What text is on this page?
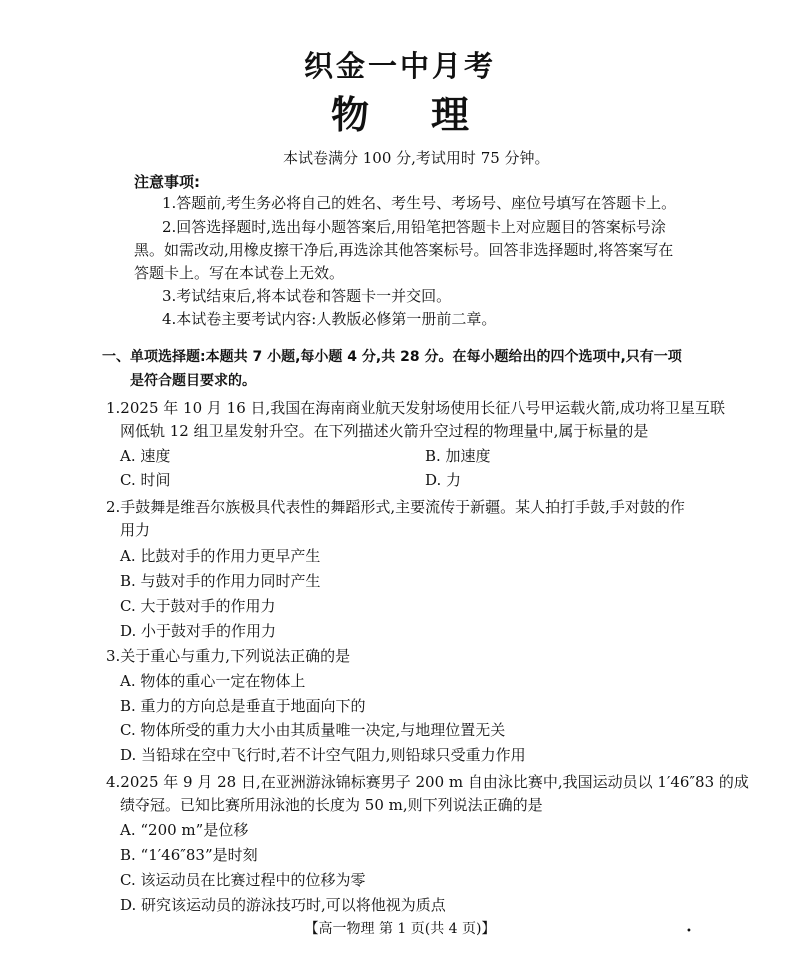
织金一中月考
物 理
本试卷满分 100 分,考试用时 75 分钟。
注意事项:
1.答题前,考生务必将自己的姓名、考生号、考场号、座位号填写在答题卡上。
2.回答选择题时,选出每小题答案后,用铅笔把答题卡上对应题目的答案标号涂
黑。如需改动,用橡皮擦干净后,再选涂其他答案标号。回答非选择题时,将答案写在
答题卡上。写在本试卷上无效。
3.考试结束后,将本试卷和答题卡一并交回。
4.本试卷主要考试内容:人教版必修第一册前二章。
一、单项选择题:本题共 7 小题,每小题 4 分,共 28 分。在每小题给出的四个选项中,只有一项
是符合题目要求的。
1.2025 年 10 月 16 日,我国在海南商业航天发射场使用长征八号甲运载火箭,成功将卫星互联
网低轨 12 组卫星发射升空。在下列描述火箭升空过程的物理量中,属于标量的是
A. 速度	B. 加速度
C. 时间	D. 力
2.手鼓舞是维吾尔族极具代表性的舞蹈形式,主要流传于新疆。某人拍打手鼓,手对鼓的作
用力
A. 比鼓对手的作用力更早产生
B. 与鼓对手的作用力同时产生
C. 大于鼓对手的作用力
D. 小于鼓对手的作用力
3.关于重心与重力,下列说法正确的是
A. 物体的重心一定在物体上
B. 重力的方向总是垂直于地面向下的
C. 物体所受的重力大小由其质量唯一决定,与地理位置无关
D. 当铅球在空中飞行时,若不计空气阻力,则铅球只受重力作用
4.2025 年 9 月 28 日,在亚洲游泳锦标赛男子 200 m 自由泳比赛中,我国运动员以 1′46″83 的成
绩夺冠。已知比赛所用泳池的长度为 50 m,则下列说法正确的是
A. “200 m”是位移
B. “1′46″83”是时刻
C. 该运动员在比赛过程中的位移为零
D. 研究该运动员的游泳技巧时,可以将他视为质点
【高一物理 第 1 页(共 4 页)】	•
